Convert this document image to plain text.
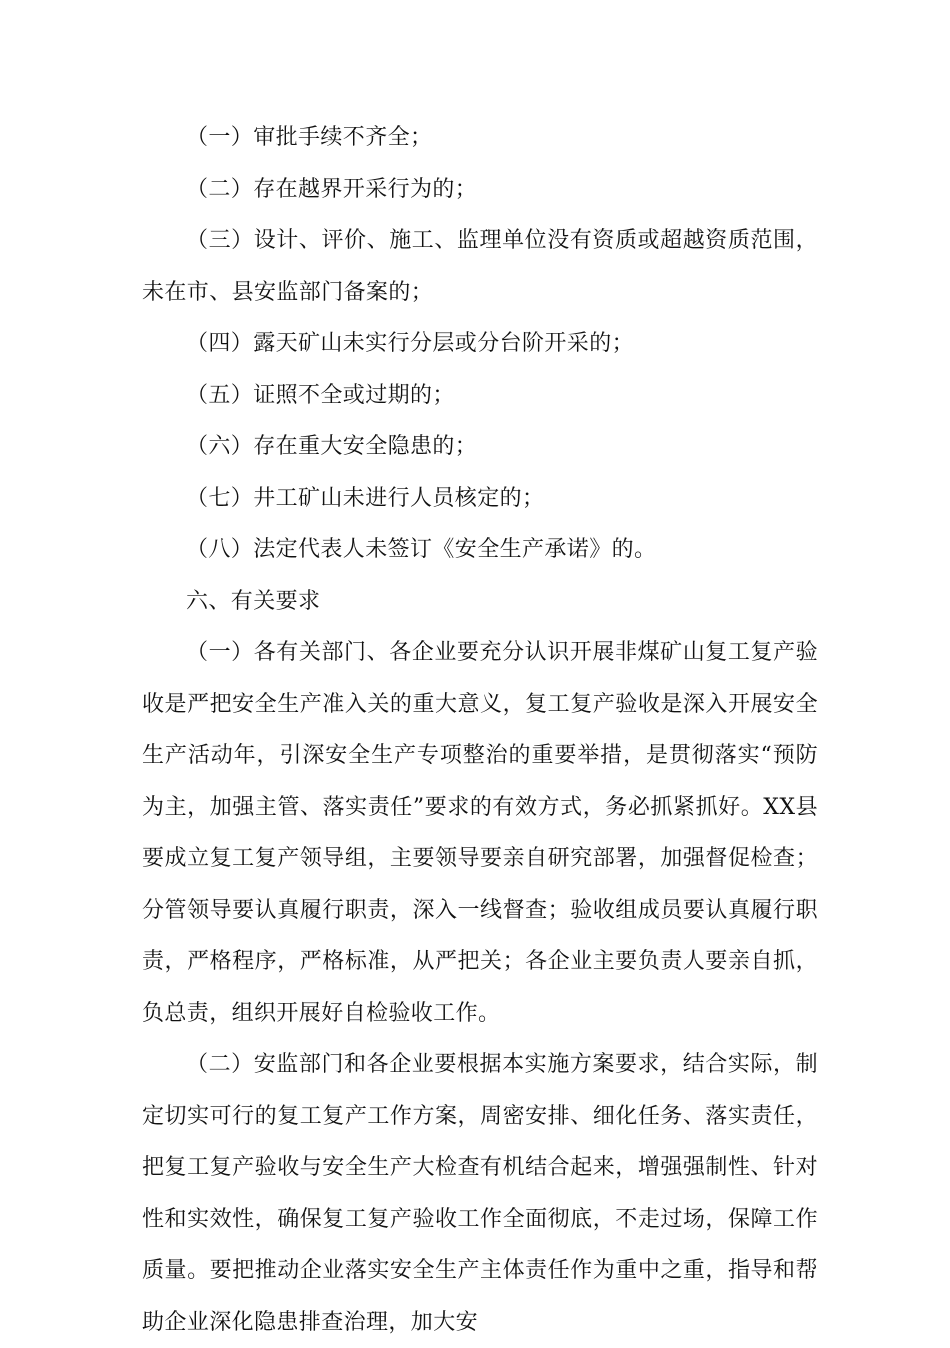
（一）审批手续不齐全；

（二）存在越界开采行为的；

（三）设计、评价、施工、监理单位没有资质或超越资质范围，未在市、县安监部门备案的；

（四）露天矿山未实行分层或分台阶开采的；

（五）证照不全或过期的；

（六）存在重大安全隐患的；

（七）井工矿山未进行人员核定的；

（八）法定代表人未签订《安全生产承诺》的。

六、有关要求

（一）各有关部门、各企业要充分认识开展非煤矿山复工复产验收是严把安全生产准入关的重大意义，复工复产验收是深入开展安全生产活动年，引深安全生产专项整治的重要举措，是贯彻落实“预防为主，加强主管、落实责任”要求的有效方式，务必抓紧抓好。XX县要成立复工复产领导组，主要领导要亲自研究部署，加强督促检查；分管领导要认真履行职责，深入一线督查；验收组成员要认真履行职责，严格程序，严格标准，从严把关；各企业主要负责人要亲自抓，负总责，组织开展好自检验收工作。

（二）安监部门和各企业要根据本实施方案要求，结合实际，制定切实可行的复工复产工作方案，周密安排、细化任务、落实责任，把复工复产验收与安全生产大检查有机结合起来，增强强制性、针对性和实效性，确保复工复产验收工作全面彻底，不走过场，保障工作质量。要把推动企业落实安全生产主体责任作为重中之重，指导和帮助企业深化隐患排查治理，加大安
